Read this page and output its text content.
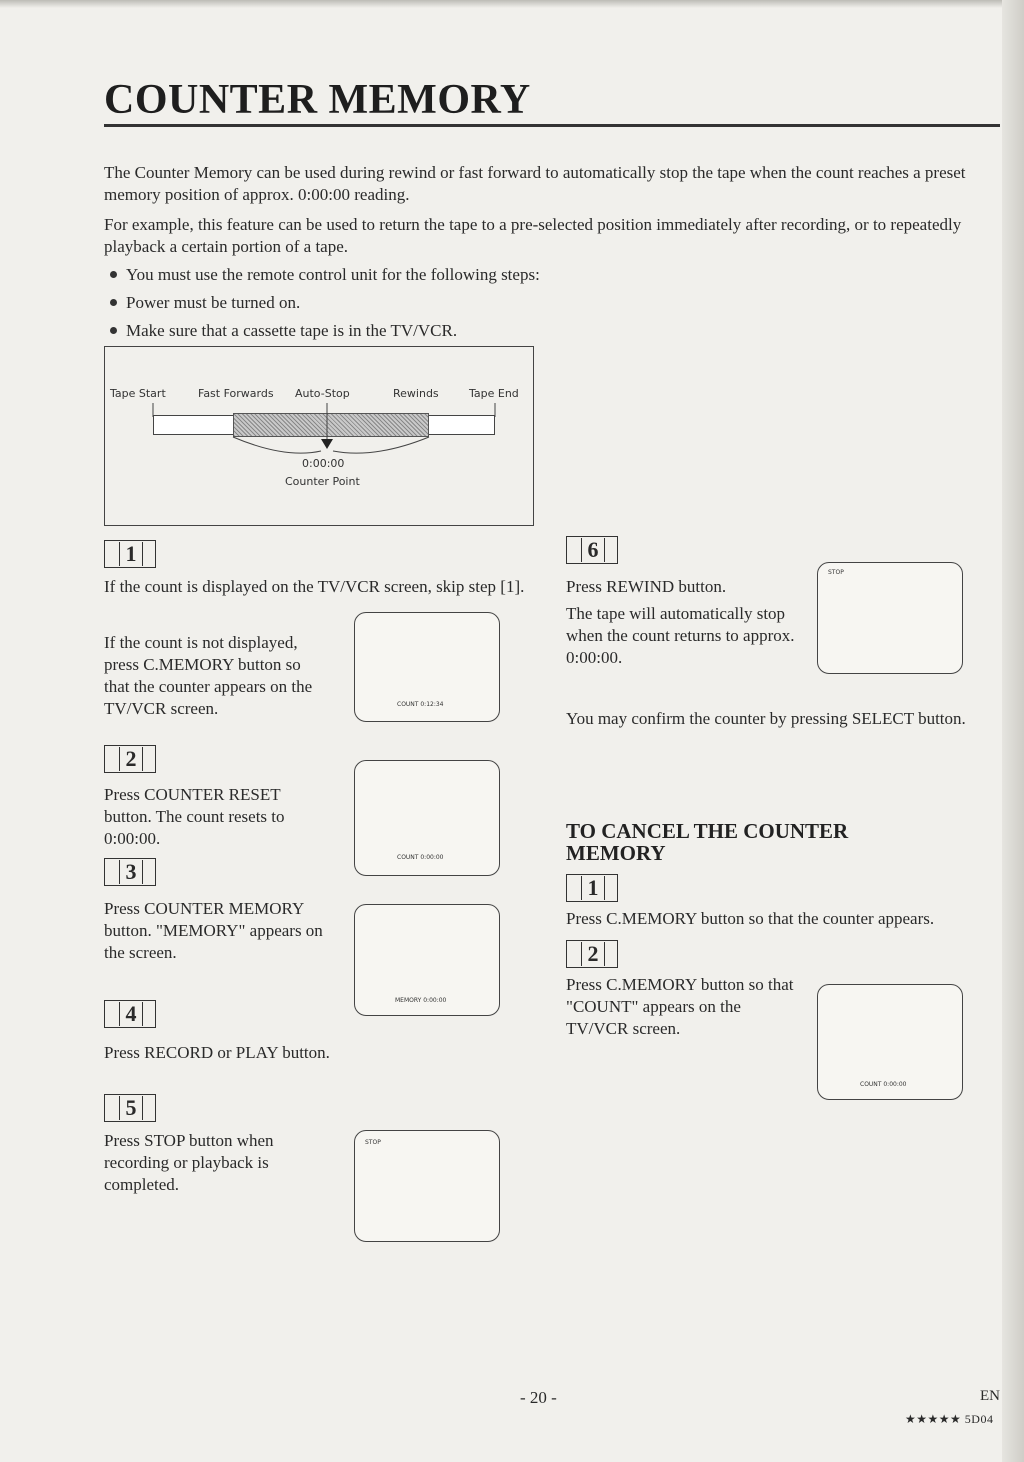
COUNTER MEMORY

The Counter Memory can be used during rewind or fast forward to automatically stop the tape when the count reaches a preset memory position of approx. 0:00:00 reading.

For example, this feature can be used to return the tape to a pre-selected position immediately after recording, or to repeatedly playback a certain portion of a tape.

You must use the remote control unit for the following steps:
Power must be turned on.
Make sure that a cassette tape is in the TV/VCR.
Tape Start	Fast Forwards Auto-Stop	Rewinds	Tape End
0:00:00
Counter Point
1

If the count is displayed on the TV/VCR screen, skip step [1].

If the count is not displayed, press C.MEMORY button so that the counter appears on the TV/VCR screen.	COUNT 0:12:34
2

Press COUNTER RESET button. The count resets to 0:00:00.

COUNT 0:00:00
3

Press COUNTER MEMORY button. "MEMORY" appears on the screen.

MEMORY 0:00:00
4

Press RECORD or PLAY button.

5

Press STOP button when recording or playback is completed.

STOP
6

Press REWIND button.

The tape will automatically stop when the count returns to approx. 0:00:00.

STOP

You may confirm the counter by pressing SELECT button.

TO CANCEL THE COUNTER MEMORY
1

Press C.MEMORY button so that the counter appears.

2

Press C.MEMORY button so that "COUNT" appears on the TV/VCR screen.

COUNT 0:00:00
- 20 -	EN
★★★★★ 5D04
